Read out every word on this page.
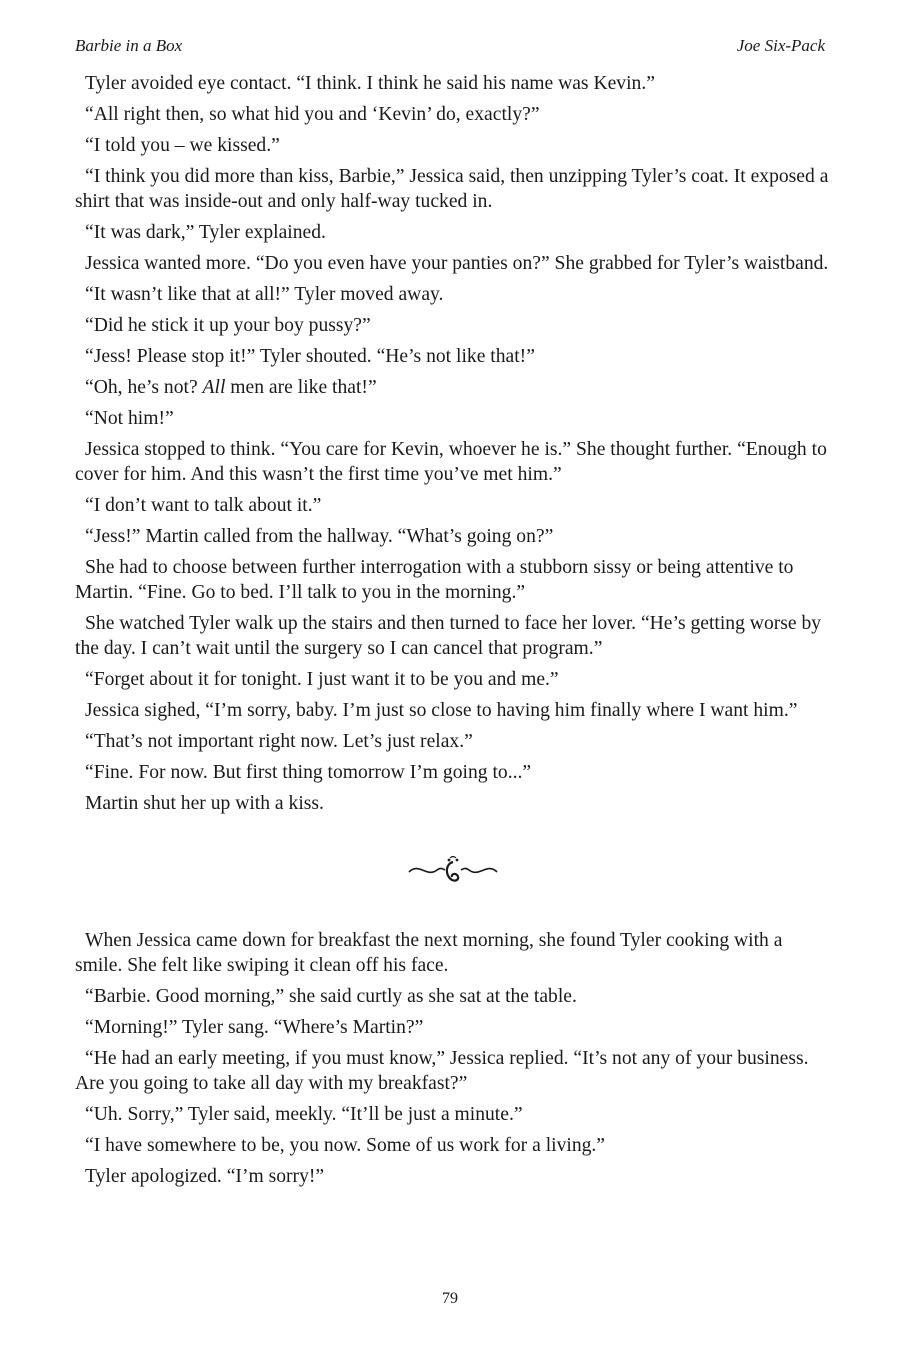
Barbie in a Box	Joe Six-Pack

Tyler avoided eye contact. “I think. I think he said his name was Kevin.”

“All right then, so what hid you and ‘Kevin’ do, exactly?”

“I told you – we kissed.”

“I think you did more than kiss, Barbie,” Jessica said, then unzipping Tyler’s coat. It exposed a shirt that was inside-out and only half-way tucked in.

“It was dark,” Tyler explained.

Jessica wanted more. “Do you even have your panties on?” She grabbed for Tyler’s waistband.

“It wasn’t like that at all!” Tyler moved away.

“Did he stick it up your boy pussy?”

“Jess! Please stop it!” Tyler shouted. “He’s not like that!”

“Oh, he’s not? All men are like that!”

“Not him!”

Jessica stopped to think. “You care for Kevin, whoever he is.” She thought further. “Enough to cover for him. And this wasn’t the first time you’ve met him.”

“I don’t want to talk about it.”

“Jess!” Martin called from the hallway. “What’s going on?”

She had to choose between further interrogation with a stubborn sissy or being attentive to Martin. “Fine. Go to bed. I’ll talk to you in the morning.”

She watched Tyler walk up the stairs and then turned to face her lover. “He’s getting worse by the day. I can’t wait until the surgery so I can cancel that program.”

“Forget about it for tonight. I just want it to be you and me.”

Jessica sighed, “I’m sorry, baby. I’m just so close to having him finally where I want him.”

“That’s not important right now. Let’s just relax.”

“Fine. For now. But first thing tomorrow I’m going to...”

Martin shut her up with a kiss.

When Jessica came down for breakfast the next morning, she found Tyler cooking with a smile. She felt like swiping it clean off his face.

“Barbie. Good morning,” she said curtly as she sat at the table.

“Morning!” Tyler sang. “Where’s Martin?”

“He had an early meeting, if you must know,” Jessica replied. “It’s not any of your business. Are you going to take all day with my breakfast?”

“Uh. Sorry,” Tyler said, meekly. “It’ll be just a minute.”

“I have somewhere to be, you now. Some of us work for a living.”

Tyler apologized. “I’m sorry!”

79
